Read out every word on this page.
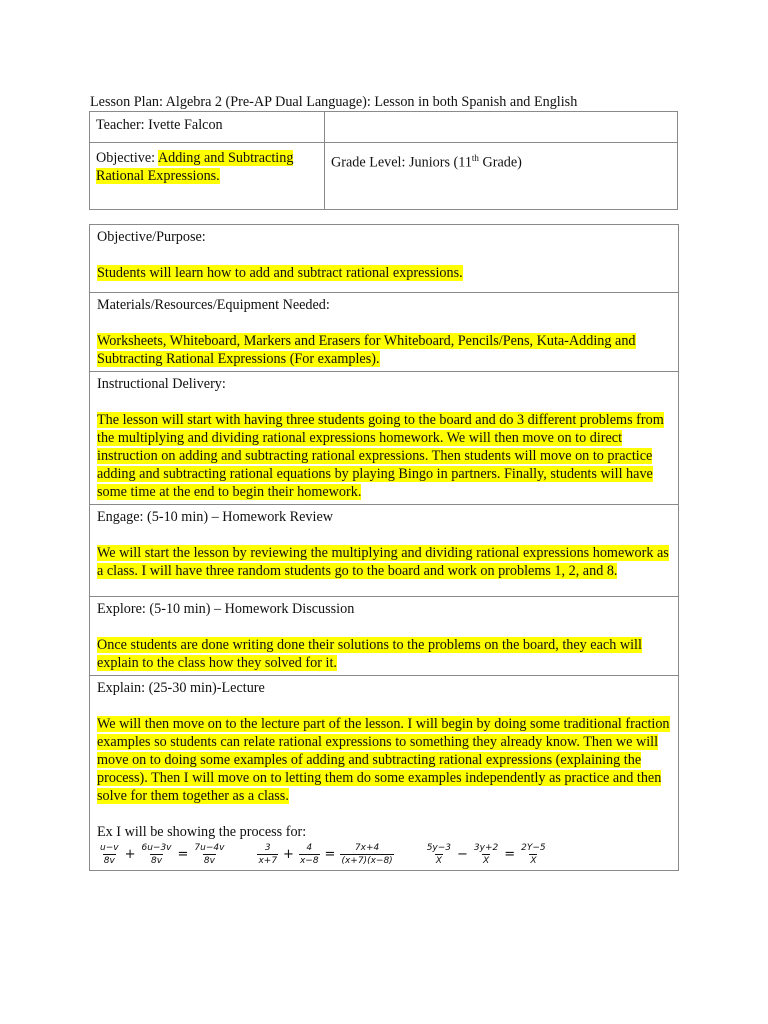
Lesson Plan: Algebra 2 (Pre-AP Dual Language): Lesson in both Spanish and English
Teacher: Ivette Falcon	
Objective: Adding and Subtracting Rational Expressions.	Grade Level: Juniors (11th Grade)

Objective/Purpose:

Students will learn how to add and subtract rational expressions.

Materials/Resources/Equipment Needed:

Worksheets, Whiteboard, Markers and Erasers for Whiteboard, Pencils/Pens, Kuta-Adding and Subtracting Rational Expressions (For examples).

Instructional Delivery:

The lesson will start with having three students going to the board and do 3 different problems from the multiplying and dividing rational expressions homework. We will then move on to direct instruction on adding and subtracting rational expressions. Then students will move on to practice adding and subtracting rational equations by playing Bingo in partners. Finally, students will have some time at the end to begin their homework.

Engage: (5-10 min) – Homework Review

We will start the lesson by reviewing the multiplying and dividing rational expressions homework as a class. I will have three random students go to the board and work on problems 1, 2, and 8.

Explore: (5-10 min) – Homework Discussion

Once students are done writing done their solutions to the problems on the board, they each will explain to the class how they solved for it.

Explain: (25-30 min)-Lecture

We will then move on to the lecture part of the lesson. I will begin by doing some traditional fraction examples so students can relate rational expressions to something they already know. Then we will move on to doing some examples of adding and subtracting rational expressions (explaining the process). Then I will move on to letting them do some examples independently as practice and then solve for them together as a class.

Ex I will be showing the process for:

$\frac{u-v}{8v} + \frac{6u-3v}{8v} = \frac{7u-4v}{8v}$	$\frac{3}{x+7} + \frac{4}{x-8} = \frac{7x+4}{(x+7)(x-8)}$	$\frac{5y-3}{X} - \frac{3y+2}{X} = \frac{2Y-5}{X}$
